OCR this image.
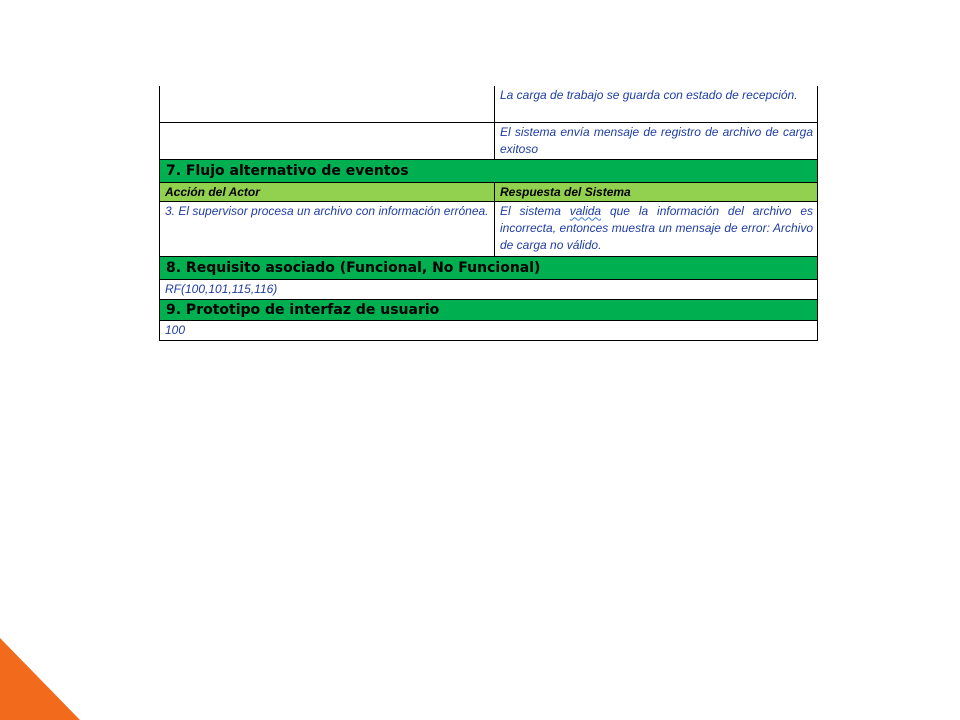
	La carga de trabajo se guarda con estado de recepción.
	El sistema envía mensaje de registro de archivo de carga exitoso
7. Flujo alternativo de eventos	
Acción del Actor	Respuesta del Sistema
3. El supervisor procesa un archivo con información errónea.	El sistema valida que la información del archivo es incorrecta, entonces muestra un mensaje de error: Archivo de carga no válido.
8. Requisito asociado (Funcional, No Funcional)	
RF(100,101,115,116)	
9. Prototipo de interfaz de usuario	
100	
